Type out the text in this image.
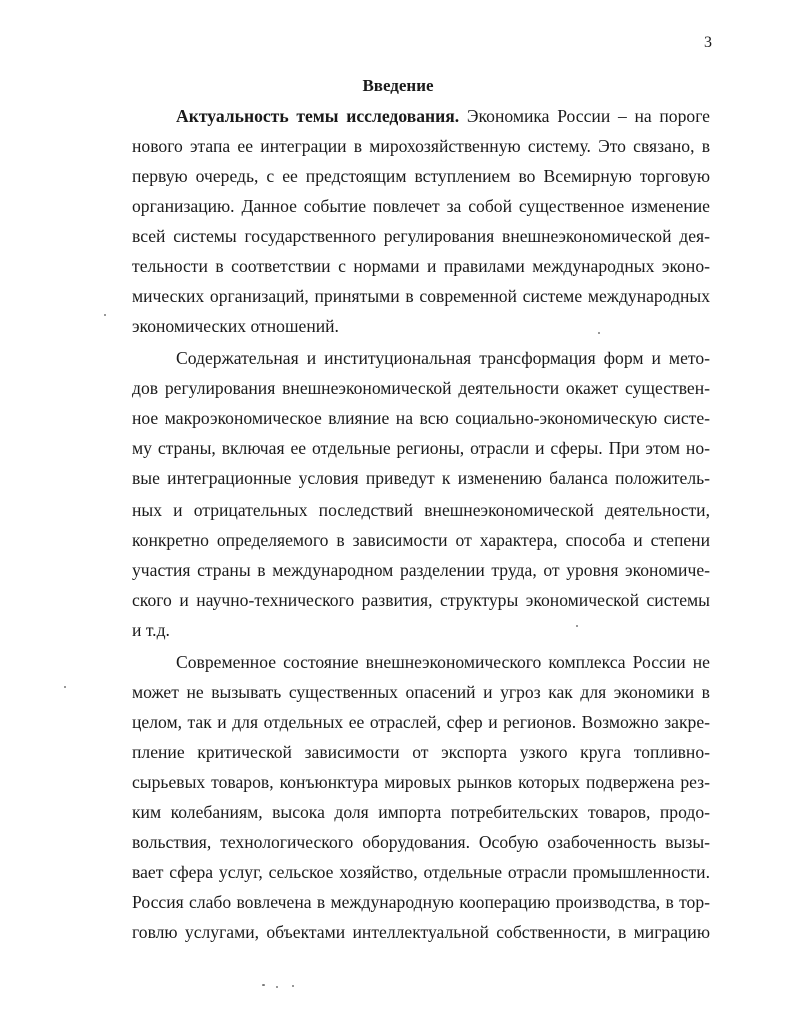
3
Введение
Актуальность темы исследования. Экономика России – на пороге
нового этапа ее интеграции в мирохозяйственную систему. Это связано, в
первую очередь, с ее предстоящим вступлением во Всемирную торговую
организацию. Данное событие повлечет за собой существенное изменение
всей системы государственного регулирования внешнеэкономической дея-
тельности в соответствии с нормами и правилами международных эконо-
мических организаций, принятыми в современной системе международных
экономических отношений.
Содержательная и институциональная трансформация форм и мето-
дов регулирования внешнеэкономической деятельности окажет существен-
ное макроэкономическое влияние на всю социально-экономическую систе-
му страны, включая ее отдельные регионы, отрасли и сферы. При этом но-
вые интеграционные условия приведут к изменению баланса положитель-
ных и отрицательных последствий внешнеэкономической деятельности,
конкретно определяемого в зависимости от характера, способа и степени
участия страны в международном разделении труда, от уровня экономиче-
ского и научно-технического развития, структуры экономической системы
и т.д.
Современное состояние внешнеэкономического комплекса России не
может не вызывать существенных опасений и угроз как для экономики в
целом, так и для отдельных ее отраслей, сфер и регионов. Возможно закре-
пление критической зависимости от экспорта узкого круга топливно-
сырьевых товаров, конъюнктура мировых рынков которых подвержена рез-
ким колебаниям, высока доля импорта потребительских товаров, продо-
вольствия, технологического оборудования. Особую озабоченность вызы-
вает сфера услуг, сельское хозяйство, отдельные отрасли промышленности.
Россия слабо вовлечена в международную кооперацию производства, в тор-
говлю услугами, объектами интеллектуальной собственности, в миграцию
